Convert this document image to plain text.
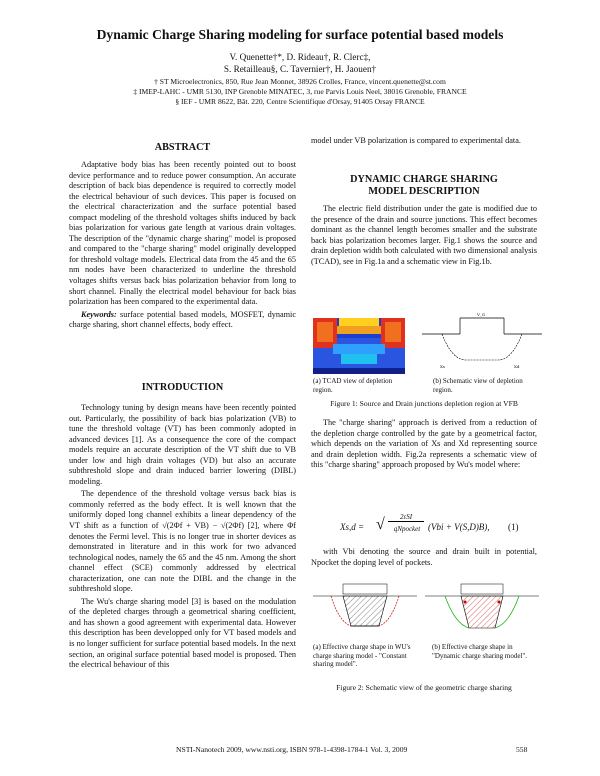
Dynamic Charge Sharing modeling for surface potential based models
V. Quenette†*, D. Rideau†, R. Clerc‡,
S. Retailleau§, C. Tavernier†, H. Jaouen†
† ST Microelectronics, 850, Rue Jean Monnet, 38926 Crolles, France, vincent.quenette@st.com
‡ IMEP-LAHC - UMR 5130, INP Grenoble MINATEC, 3, rue Parvis Louis Neel, 38016 Grenoble, FRANCE
§ IEF - UMR 8622, Bât. 220, Centre Scientifique d'Orsay, 91405 Orsay FRANCE
ABSTRACT

Adaptative body bias has been recently pointed out to boost device performance and to reduce power consumption. An accurate description of back bias dependence is required to correctly model the electrical behaviour of such devices. This paper is focused on the electrical characterization and the surface potential based compact modeling of the threshold voltages shifts induced by back bias polarization for various gate length at various drain voltages. The description of the "dynamic charge sharing" model is proposed and compared to the "charge sharing" model originally developped for threshold voltage models. Electrical data from the 45 and the 65 nm nodes have been characterized to underline the threshold voltages shifts versus back bias polarization behavior from long to short channel. Finally the electrical model behaviour for back bias polarization has been compared to the experimental data.

Keywords: surface potential based models, MOSFET, dynamic charge sharing, short channel effects, body effect.

INTRODUCTION

Technology tuning by design means have been recently pointed out. Particularly, the possibility of back bias polarization (VB) to tune the threshold voltage (VT) has been commonly adopted in advanced devices [1]. As a consequence the core of the compact models require an accurate description of the VT shift due to VB under low and high drain voltages (VD) but also an accurate subthreshold slope and drain induced barrier lowering (DIBL) modeling.

The dependence of the threshold voltage versus back bias is commonly referred as the body effect. It is well known that the uniformly doped long channel exhibits a linear dependency of the VT shift as a function of √(2Φf + VB) − √(2Φf) [2], where Φf denotes the Fermi level. This is no longer true in shorter devices as demonstrated in literature and in this work for two advanced technological nodes, namely the 65 and the 45 nm. Among the short channel effect (SCE) commonly addressed by electrical characterization, one can note the DIBL and the change in the subthreshold slope.

The Wu's charge sharing model [3] is based on the modulation of the depleted charges through a geometrical sharing coefficient, and has shown a good agreement with experimental data. However this description has been developped only for VT based models and is no longer sufficient for surface potential based models. In the next section, an original surface potential based model is proposed. Then the electrical behaviour of this

model under VB polarization is compared to experimental data.

DYNAMIC CHARGE SHARING
MODEL DESCRIPTION

The electric field distribution under the gate is modified due to the presence of the drain and source junctions. This effect becomes dominant as the channel length becomes smaller and the substrate back bias polarization becomes larger. Fig.1 shows the source and drain depletion width both calculated with two dimensional analysis (TCAD), see in Fig.1a and a schematic view in Fig.1b.

(a) TCAD view of depletion region.
V_G
Xs	Xd
(b) Schematic view of depletion region.
Figure 1: Source and Drain junctions depletion region at VFB

The "charge sharing" approach is derived from a reduction of the depletion charge controlled by the gate by a geometrical factor, which depends on the variation of Xs and Xd representing source and drain depletion width. Fig.2a represents a schematic view of this "charge sharing" approach proposed by Wu's model where:

Xs,d = √	2εSI
qNpocket (Vbi + V(S,D)B), (1)

with Vbi denoting the source and drain built in potential, Npocket the doping level of pockets.

(a) Effective charge shape in WU's charge sharing model - "Constant sharing model".
(b) Effective charge shape in "Dynamic charge sharing model".
Figure 2: Schematic view of the geometric charge sharing
NSTI-Nanotech 2009, www.nsti.org, ISBN 978-1-4398-1784-1 Vol. 3, 2009	558
